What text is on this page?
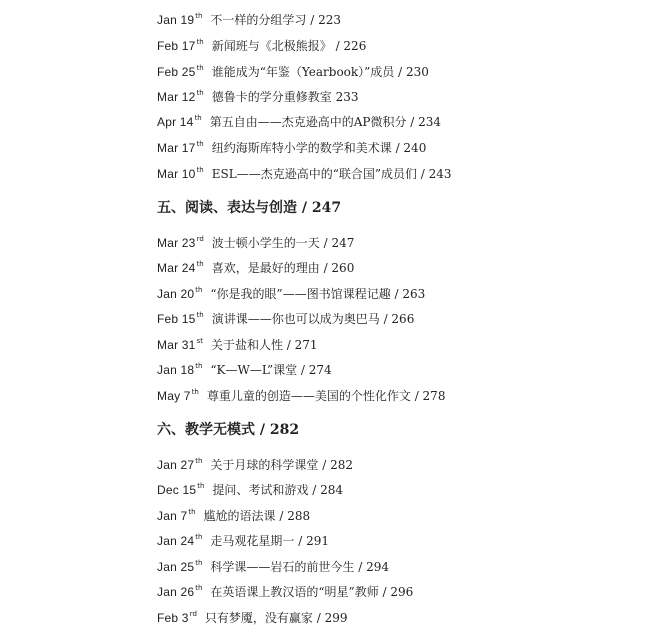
Jan 19th 不一样的分组学习 / 223
Feb 17th 新闻班与《北极熊报》 / 226
Feb 25th 谁能成为“年鉴（Yearbook）”成员 / 230
Mar 12th 德鲁卡的学分重修教室 233
Apr 14th 第五自由——杰克逊高中的AP微积分 / 234
Mar 17th 纽约海斯库特小学的数学和美术课 / 240
Mar 10th ESL——杰克逊高中的“联合国”成员们 / 243
五、阅读、表达与创造 / 247
Mar 23rd 波士顿小学生的一天 / 247
Mar 24th 喜欢，是最好的理由 / 260
Jan 20th “你是我的眼”——图书馆课程记趣 / 263
Feb 15th 演讲课——你也可以成为奥巴马 / 266
Mar 31st 关于盐和人性 / 271
Jan 18th “K—W—L”课堂 / 274
May 7th 尊重儿童的创造——美国的个性化作文 / 278
六、教学无模式 / 282
Jan 27th 关于月球的科学课堂 / 282
Dec 15th 提问、考试和游戏 / 284
Jan 7th 尴尬的语法课 / 288
Jan 24th 走马观花星期一 / 291
Jan 25th 科学课——岩石的前世今生 / 294
Jan 26th 在英语课上教汉语的“明星”教师 / 296
Feb 3rd 只有梦魇，没有赢家 / 299
